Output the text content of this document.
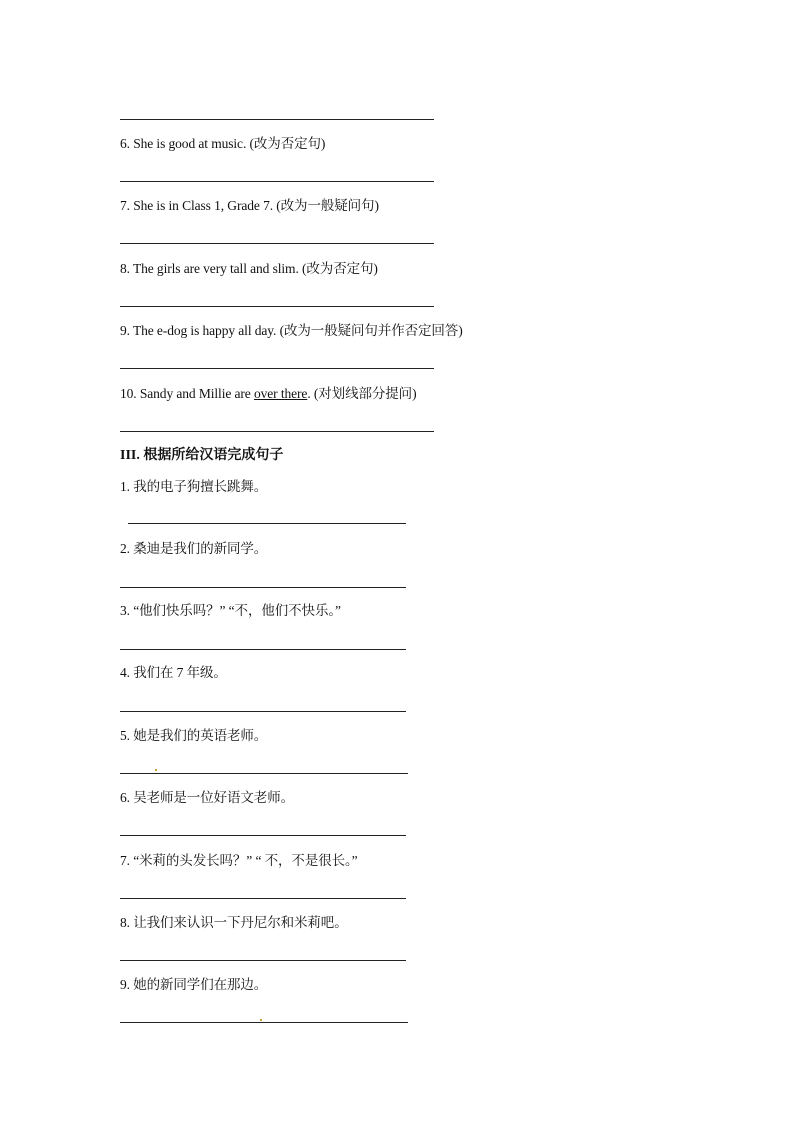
6. She is good at music. (改为否定句)
7. She is in Class 1, Grade 7. (改为一般疑问句)
8. The girls are very tall and slim. (改为否定句)
9. The e-dog is happy all day. (改为一般疑问句并作否定回答)
10. Sandy and Millie are over there. (对划线部分提问)
III. 根据所给汉语完成句子
1. 我的电子狗擅长跳舞。
2. 桑迪是我们的新同学。
3. “他们快乐吗？” “不，他们不快乐。”
4. 我们在 7 年级。
5. 她是我们的英语老师。
6. 吴老师是一位好语文老师。
7. “米莉的头发长吗？” “ 不，不是很长。”
8. 让我们来认识一下丹尼尔和米莉吧。
9. 她的新同学们在那边。
